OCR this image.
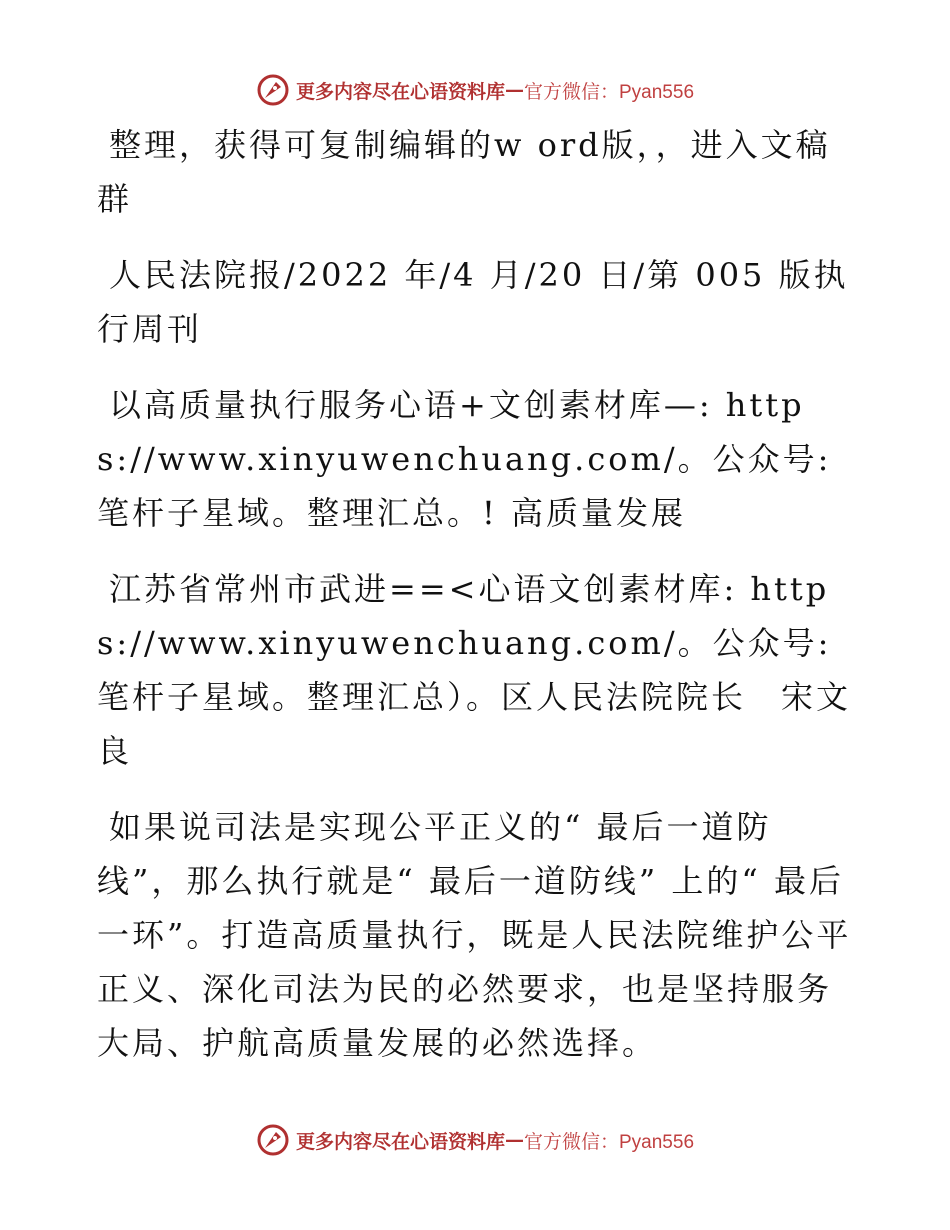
更多内容尽在心语资料库 — 官方微信：Pyan556

整理，获得可复制编辑的w ord版，，进入文稿群

人民法院报/2022 年/4 月/20 日/第 005 版执行周刊

以高质量执行服务心语+文创素材库—: https://www.xinyuwenchuang.com/。公众号: 笔杆子星域。整理汇总。! 高质量发展

江苏省常州市武进==<心语文创素材库: https://www.xinyuwenchuang.com/。公众号: 笔杆子星域。整理汇总）。区人民法院院长　宋文良

如果说司法是实现公平正义的“ 最后一道防线”，那么执行就是“ 最后一道防线” 上的“ 最后一环”。打造高质量执行，既是人民法院维护公平正义、深化司法为民的必然要求，也是坚持服务大局、护航高质量发展的必然选择。

更多内容尽在心语资料库 — 官方微信：Pyan556
